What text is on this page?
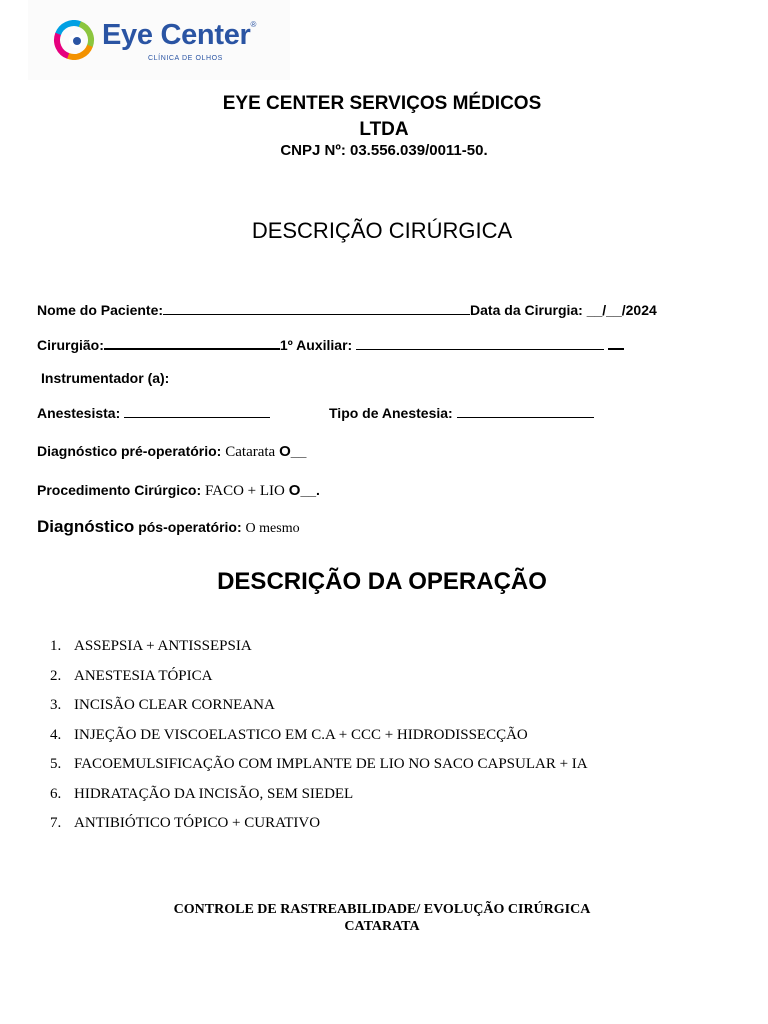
Eye Center®
CLÍNICA DE OLHOS
EYE CENTER SERVIÇOS MÉDICOS
LTDA
CNPJ Nº: 03.556.039/0011-50.
DESCRIÇÃO CIRÚRGICA
Nome do Paciente:	Data da Cirurgia: __/__/2024
Cirurgião:	1º Auxiliar:
Instrumentador (a):
Anestesista:	Tipo de Anestesia:
Diagnóstico pré-operatório: Catarata O__
Procedimento Cirúrgico: FACO + LIO O__.
Diagnóstico pós-operatório: O mesmo
DESCRIÇÃO DA OPERAÇÃO
1. ASSEPSIA + ANTISSEPSIA
2. ANESTESIA TÓPICA
3. INCISÃO CLEAR CORNEANA
4. INJEÇÃO DE VISCOELASTICO EM C.A + CCC + HIDRODISSECÇÃO
5. FACOEMULSIFICAÇÃO COM IMPLANTE DE LIO NO SACO CAPSULAR + IA
6. HIDRATAÇÃO DA INCISÃO, SEM SIEDEL
7. ANTIBIÓTICO TÓPICO + CURATIVO
CONTROLE DE RASTREABILIDADE/ EVOLUÇÃO CIRÚRGICA
CATARATA
